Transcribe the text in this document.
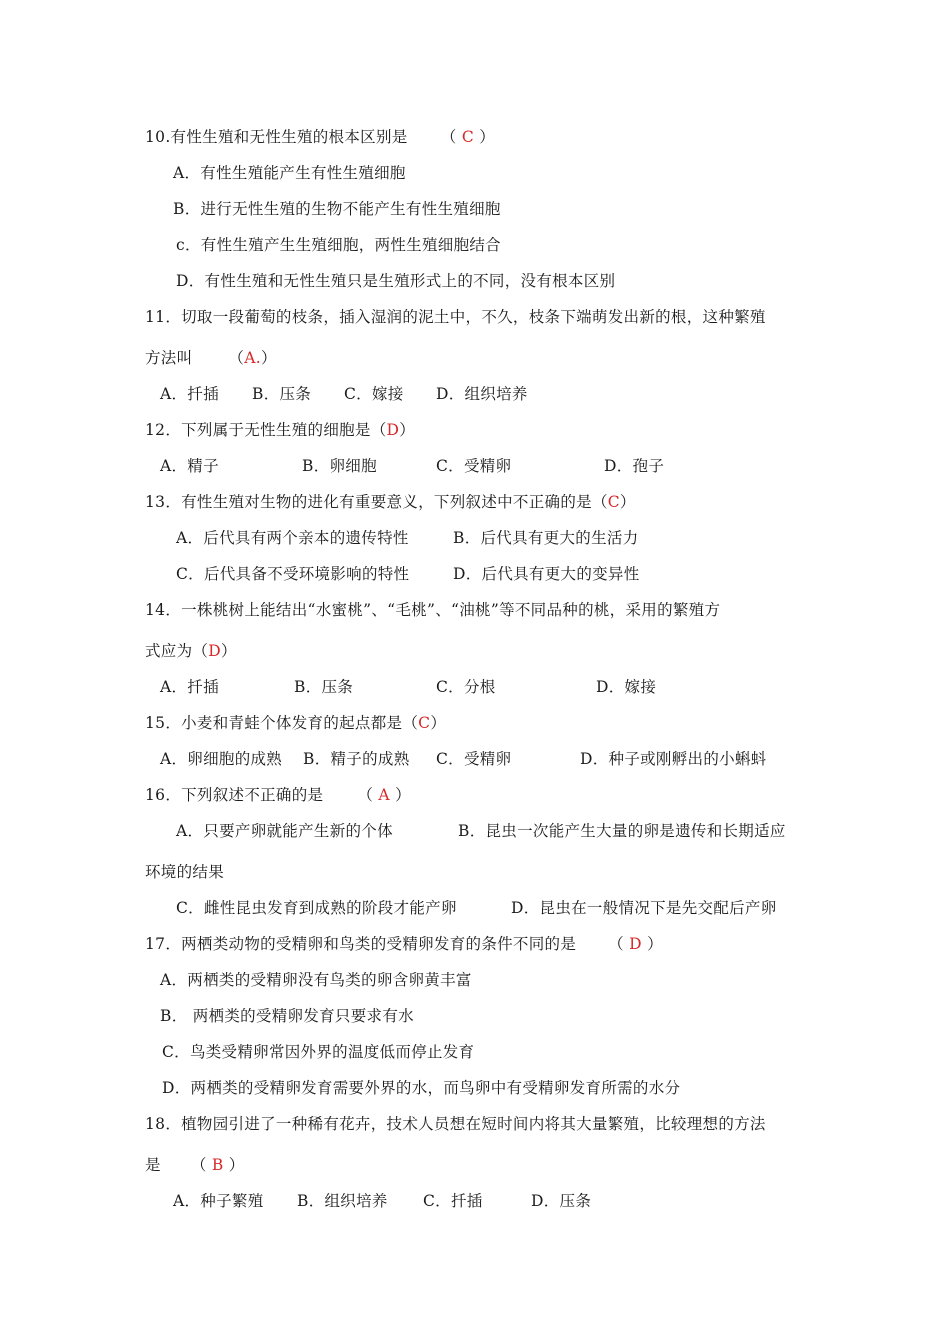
10.有性生殖和无性生殖的根本区别是 （ C ）
A．有性生殖能产生有性生殖细胞
B．进行无性生殖的生物不能产生有性生殖细胞
c．有性生殖产生生殖细胞，两性生殖细胞结合
D．有性生殖和无性生殖只是生殖形式上的不同，没有根本区别
11．切取一段葡萄的枝条，插入湿润的泥土中，不久，枝条下端萌发出新的根，这种繁殖
方法叫 （A.）
A．扦插 B．压条 C．嫁接 D．组织培养
12．下列属于无性生殖的细胞是（D）
A．精子	B．卵细胞	C．受精卵	D．孢子
13．有性生殖对生物的进化有重要意义，下列叙述中不正确的是（C）
A．后代具有两个亲本的遗传特性	B．后代具有更大的生活力
C．后代具备不受环境影响的特性	D．后代具有更大的变异性
14．一株桃树上能结出“水蜜桃”、“毛桃”、“油桃”等不同品种的桃，采用的繁殖方
式应为（D）
A．扦插	B．压条	C．分根	D．嫁接
15．小麦和青蛙个体发育的起点都是（C）
A．卵细胞的成熟 B．精子的成熟 C．受精卵	D．种子或刚孵出的小蝌蚪
16．下列叙述不正确的是 （ A ）
A．只要产卵就能产生新的个体	B．昆虫一次能产生大量的卵是遗传和长期适应
环境的结果
C．雌性昆虫发育到成熟的阶段才能产卵	D．昆虫在一般情况下是先交配后产卵
17．两栖类动物的受精卵和鸟类的受精卵发育的条件不同的是 （ D ）
A．两栖类的受精卵没有鸟类的卵含卵黄丰富
B． 两栖类的受精卵发育只要求有水
C．鸟类受精卵常因外界的温度低而停止发育
D．两栖类的受精卵发育需要外界的水，而鸟卵中有受精卵发育所需的水分
18．植物园引进了一种稀有花卉，技术人员想在短时间内将其大量繁殖，比较理想的方法
是 （ B ）
A．种子繁殖 B．组织培养 C．扦插	D．压条
